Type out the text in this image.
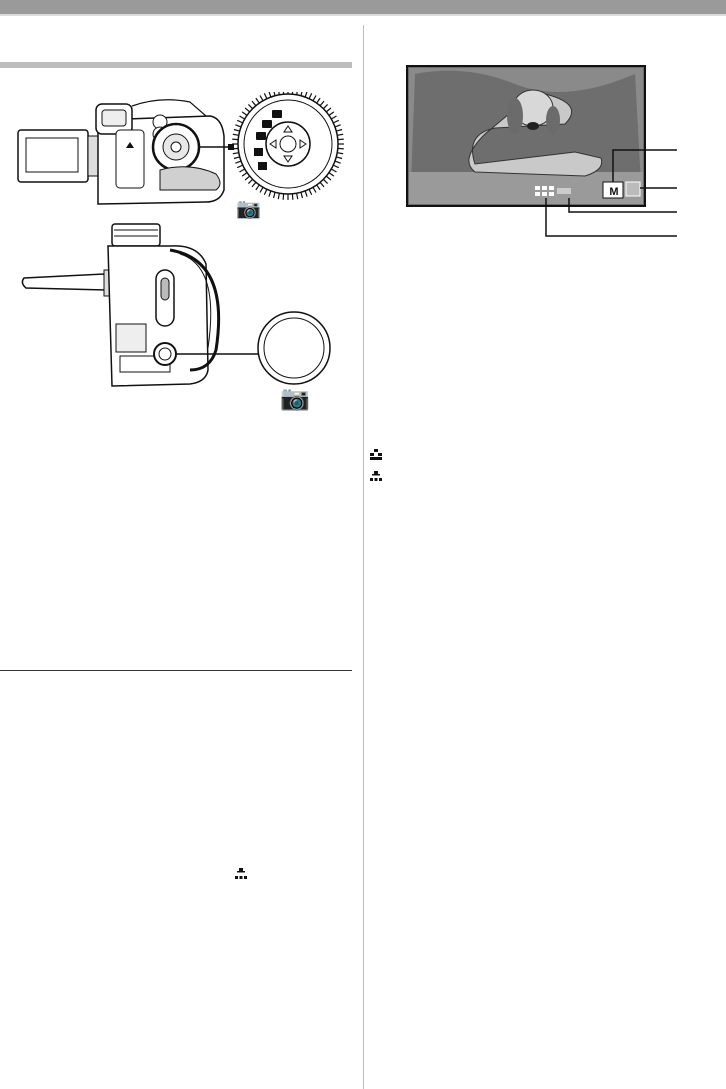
📷
📷
M
